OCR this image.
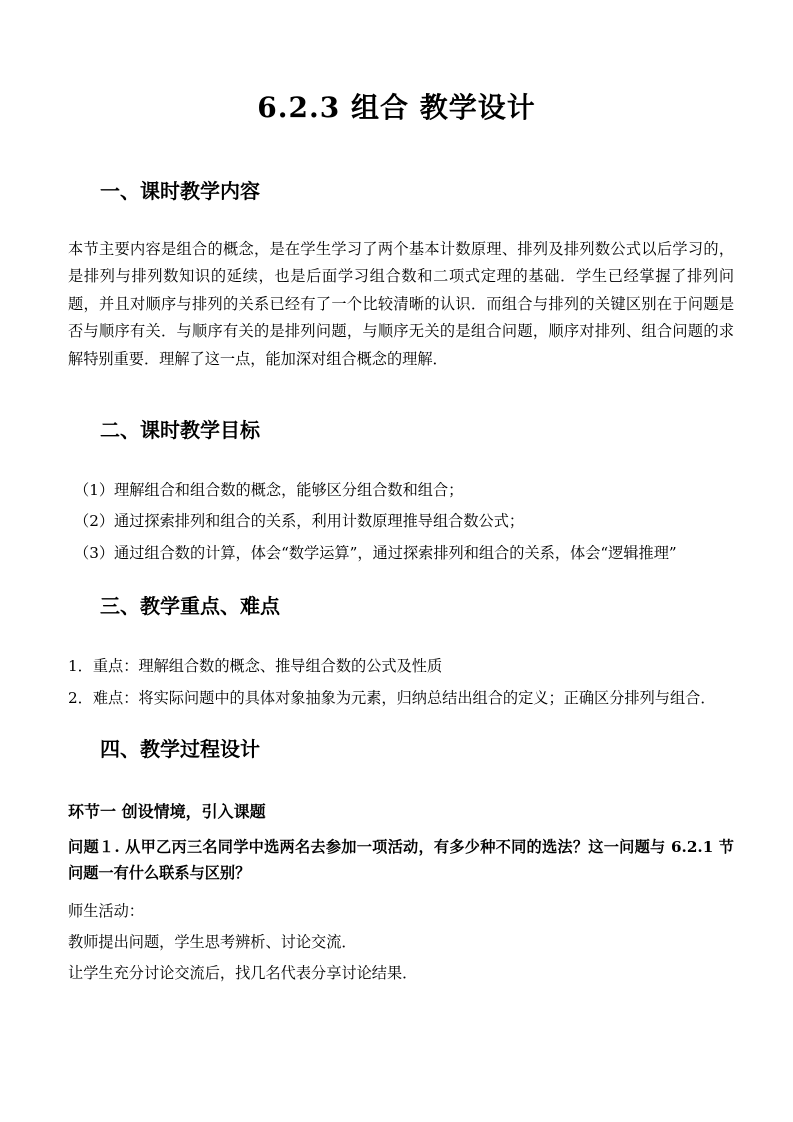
6.2.3 组合 教学设计
一、课时教学内容
本节主要内容是组合的概念，是在学生学习了两个基本计数原理、排列及排列数公式以后学习的，是排列与排列数知识的延续，也是后面学习组合数和二项式定理的基础．学生已经掌握了排列问题，并且对顺序与排列的关系已经有了一个比较清晰的认识．而组合与排列的关键区别在于问题是否与顺序有关．与顺序有关的是排列问题，与顺序无关的是组合问题，顺序对排列、组合问题的求解特别重要．理解了这一点，能加深对组合概念的理解．
二、课时教学目标
（1）理解组合和组合数的概念，能够区分组合数和组合；
（2）通过探索排列和组合的关系，利用计数原理推导组合数公式；
（3）通过组合数的计算，体会“数学运算”，通过探索排列和组合的关系，体会“逻辑推理”
三、教学重点、难点
1．重点：理解组合数的概念、推导组合数的公式及性质
2．难点：将实际问题中的具体对象抽象为元素，归纳总结出组合的定义；正确区分排列与组合．
四、教学过程设计
环节一 创设情境，引入课题
问题１. 从甲乙丙三名同学中选两名去参加一项活动，有多少种不同的选法？这一问题与 6.2.1 节问题一有什么联系与区别？
师生活动：
教师提出问题，学生思考辨析、讨论交流．
让学生充分讨论交流后，找几名代表分享讨论结果．
